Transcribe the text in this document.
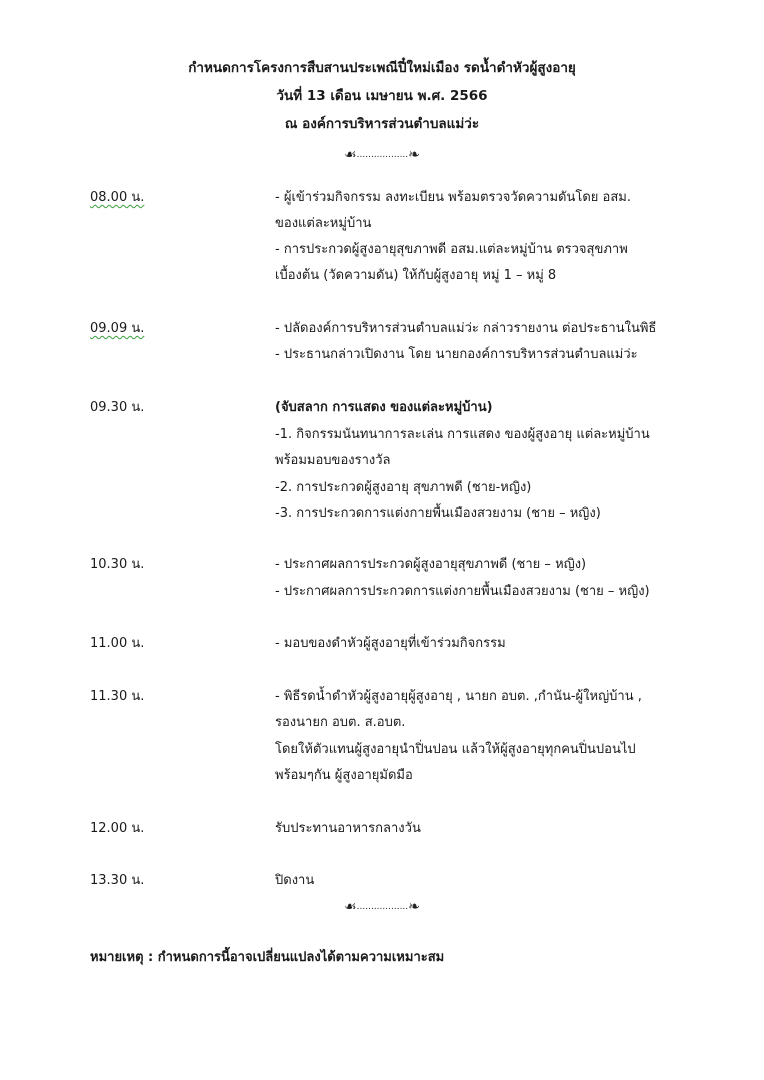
กำหนดการโครงการสืบสานประเพณีปี๋ใหม่เมือง รดน้ำดำหัวผู้สูงอายุ
วันที่ 13 เดือน เมษายน พ.ศ. 2566
ณ องค์การบริหารส่วนตำบลแม่ว่ะ
☙..................❧
08.00 น.	- ผู้เข้าร่วมกิจกรรม ลงทะเบียน พร้อมตรวจวัดความดันโดย อสม.
ของแต่ละหมู่บ้าน
- การประกวดผู้สูงอายุสุขภาพดี อสม.แต่ละหมู่บ้าน ตรวจสุขภาพ
เบื้องต้น (วัดความดัน) ให้กับผู้สูงอายุ หมู่ 1 – หมู่ 8
09.09 น.	- ปลัดองค์การบริหารส่วนตำบลแม่ว่ะ กล่าวรายงาน ต่อประธานในพิธี
- ประธานกล่าวเปิดงาน โดย นายกองค์การบริหารส่วนตำบลแม่ว่ะ
09.30 น.	(จับสลาก การแสดง ของแต่ละหมู่บ้าน)
-1. กิจกรรมนันทนาการละเล่น การแสดง ของผู้สูงอายุ แต่ละหมู่บ้าน
พร้อมมอบของรางวัล
-2. การประกวดผู้สูงอายุ สุขภาพดี (ชาย-หญิง)
-3. การประกวดการแต่งกายพื้นเมืองสวยงาม (ชาย – หญิง)
10.30 น.	- ประกาศผลการประกวดผู้สูงอายุสุขภาพดี (ชาย – หญิง)
- ประกาศผลการประกวดการแต่งกายพื้นเมืองสวยงาม (ชาย – หญิง)
11.00 น.	- มอบของดำหัวผู้สูงอายุที่เข้าร่วมกิจกรรม
11.30 น.	- พิธีรดน้ำดำหัวผู้สูงอายุผู้สูงอายุ , นายก อบต. ,กำนัน-ผู้ใหญ่บ้าน ,
รองนายก อบต. ส.อบต.
โดยให้ตัวแทนผู้สูงอายุนำปิ่นปอน แล้วให้ผู้สูงอายุทุกคนปิ่นปอนไป
พร้อมๆกัน ผู้สูงอายุมัดมือ
12.00 น.	รับประทานอาหารกลางวัน
13.30 น.	ปิดงาน
☙..................❧
หมายเหตุ : กำหนดการนี้อาจเปลี่ยนแปลงได้ตามความเหมาะสม
